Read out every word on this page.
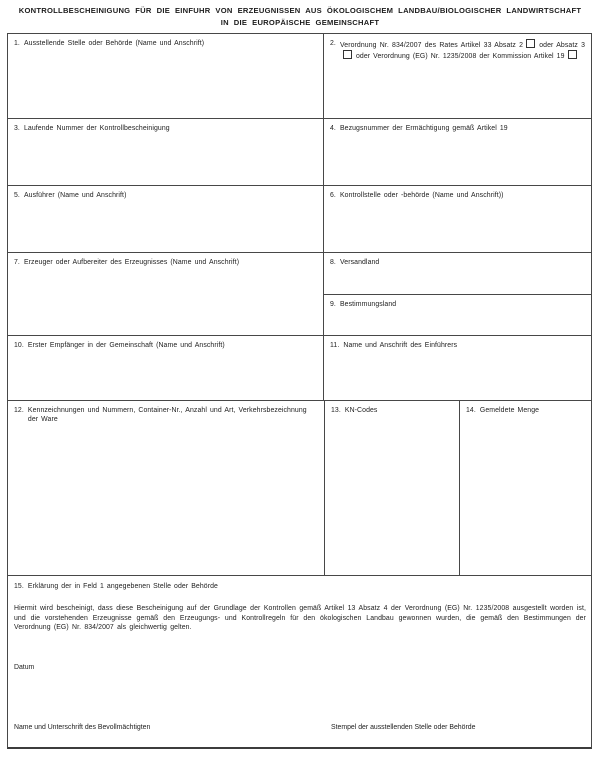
KONTROLLBESCHEINIGUNG FÜR DIE EINFUHR VON ERZEUGNISSEN AUS ÖKOLOGISCHEM LANDBAU/BIOLOGISCHER LANDWIRTSCHAFT
IN DIE EUROPÄISCHE GEMEINSCHAFT
1. Ausstellende Stelle oder Behörde (Name und Anschrift)	2. Verordnung Nr. 834/2007 des Rates Artikel 33 Absatz 2 oder Absatz 3 oder Verordnung (EG) Nr. 1235/2008 der Kommission Artikel 19
3. Laufende Nummer der Kontrollbescheinigung	4. Bezugsnummer der Ermächtigung gemäß Artikel 19
5. Ausführer (Name und Anschrift)	6. Kontrollstelle oder -behörde (Name und Anschrift))
7. Erzeuger oder Aufbereiter des Erzeugnisses (Name und Anschrift)	8. Versandland
9. Bestimmungsland
10. Erster Empfänger in der Gemeinschaft (Name und Anschrift)	11. Name und Anschrift des Einführers
12. Kennzeichnungen und Nummern, Container-Nr., Anzahl und Art, Verkehrsbezeichnung der Ware
13. KN-Codes	14. Gemeldete Menge
15. Erklärung der in Feld 1 angegebenen Stelle oder Behörde
Hiermit wird bescheinigt, dass diese Bescheinigung auf der Grundlage der Kontrollen gemäß Artikel 13 Absatz 4 der Verordnung (EG) Nr. 1235/2008 ausgestellt worden ist, und die vorstehenden Erzeugnisse gemäß den Erzeugungs- und Kontrollregeln für den ökologischen Landbau gewonnen wurden, die gemäß den Bestimmungen der Verordnung (EG) Nr. 834/2007 als gleichwertig gelten.
Datum
Name und Unterschrift des Bevollmächtigten	Stempel der ausstellenden Stelle oder Behörde
